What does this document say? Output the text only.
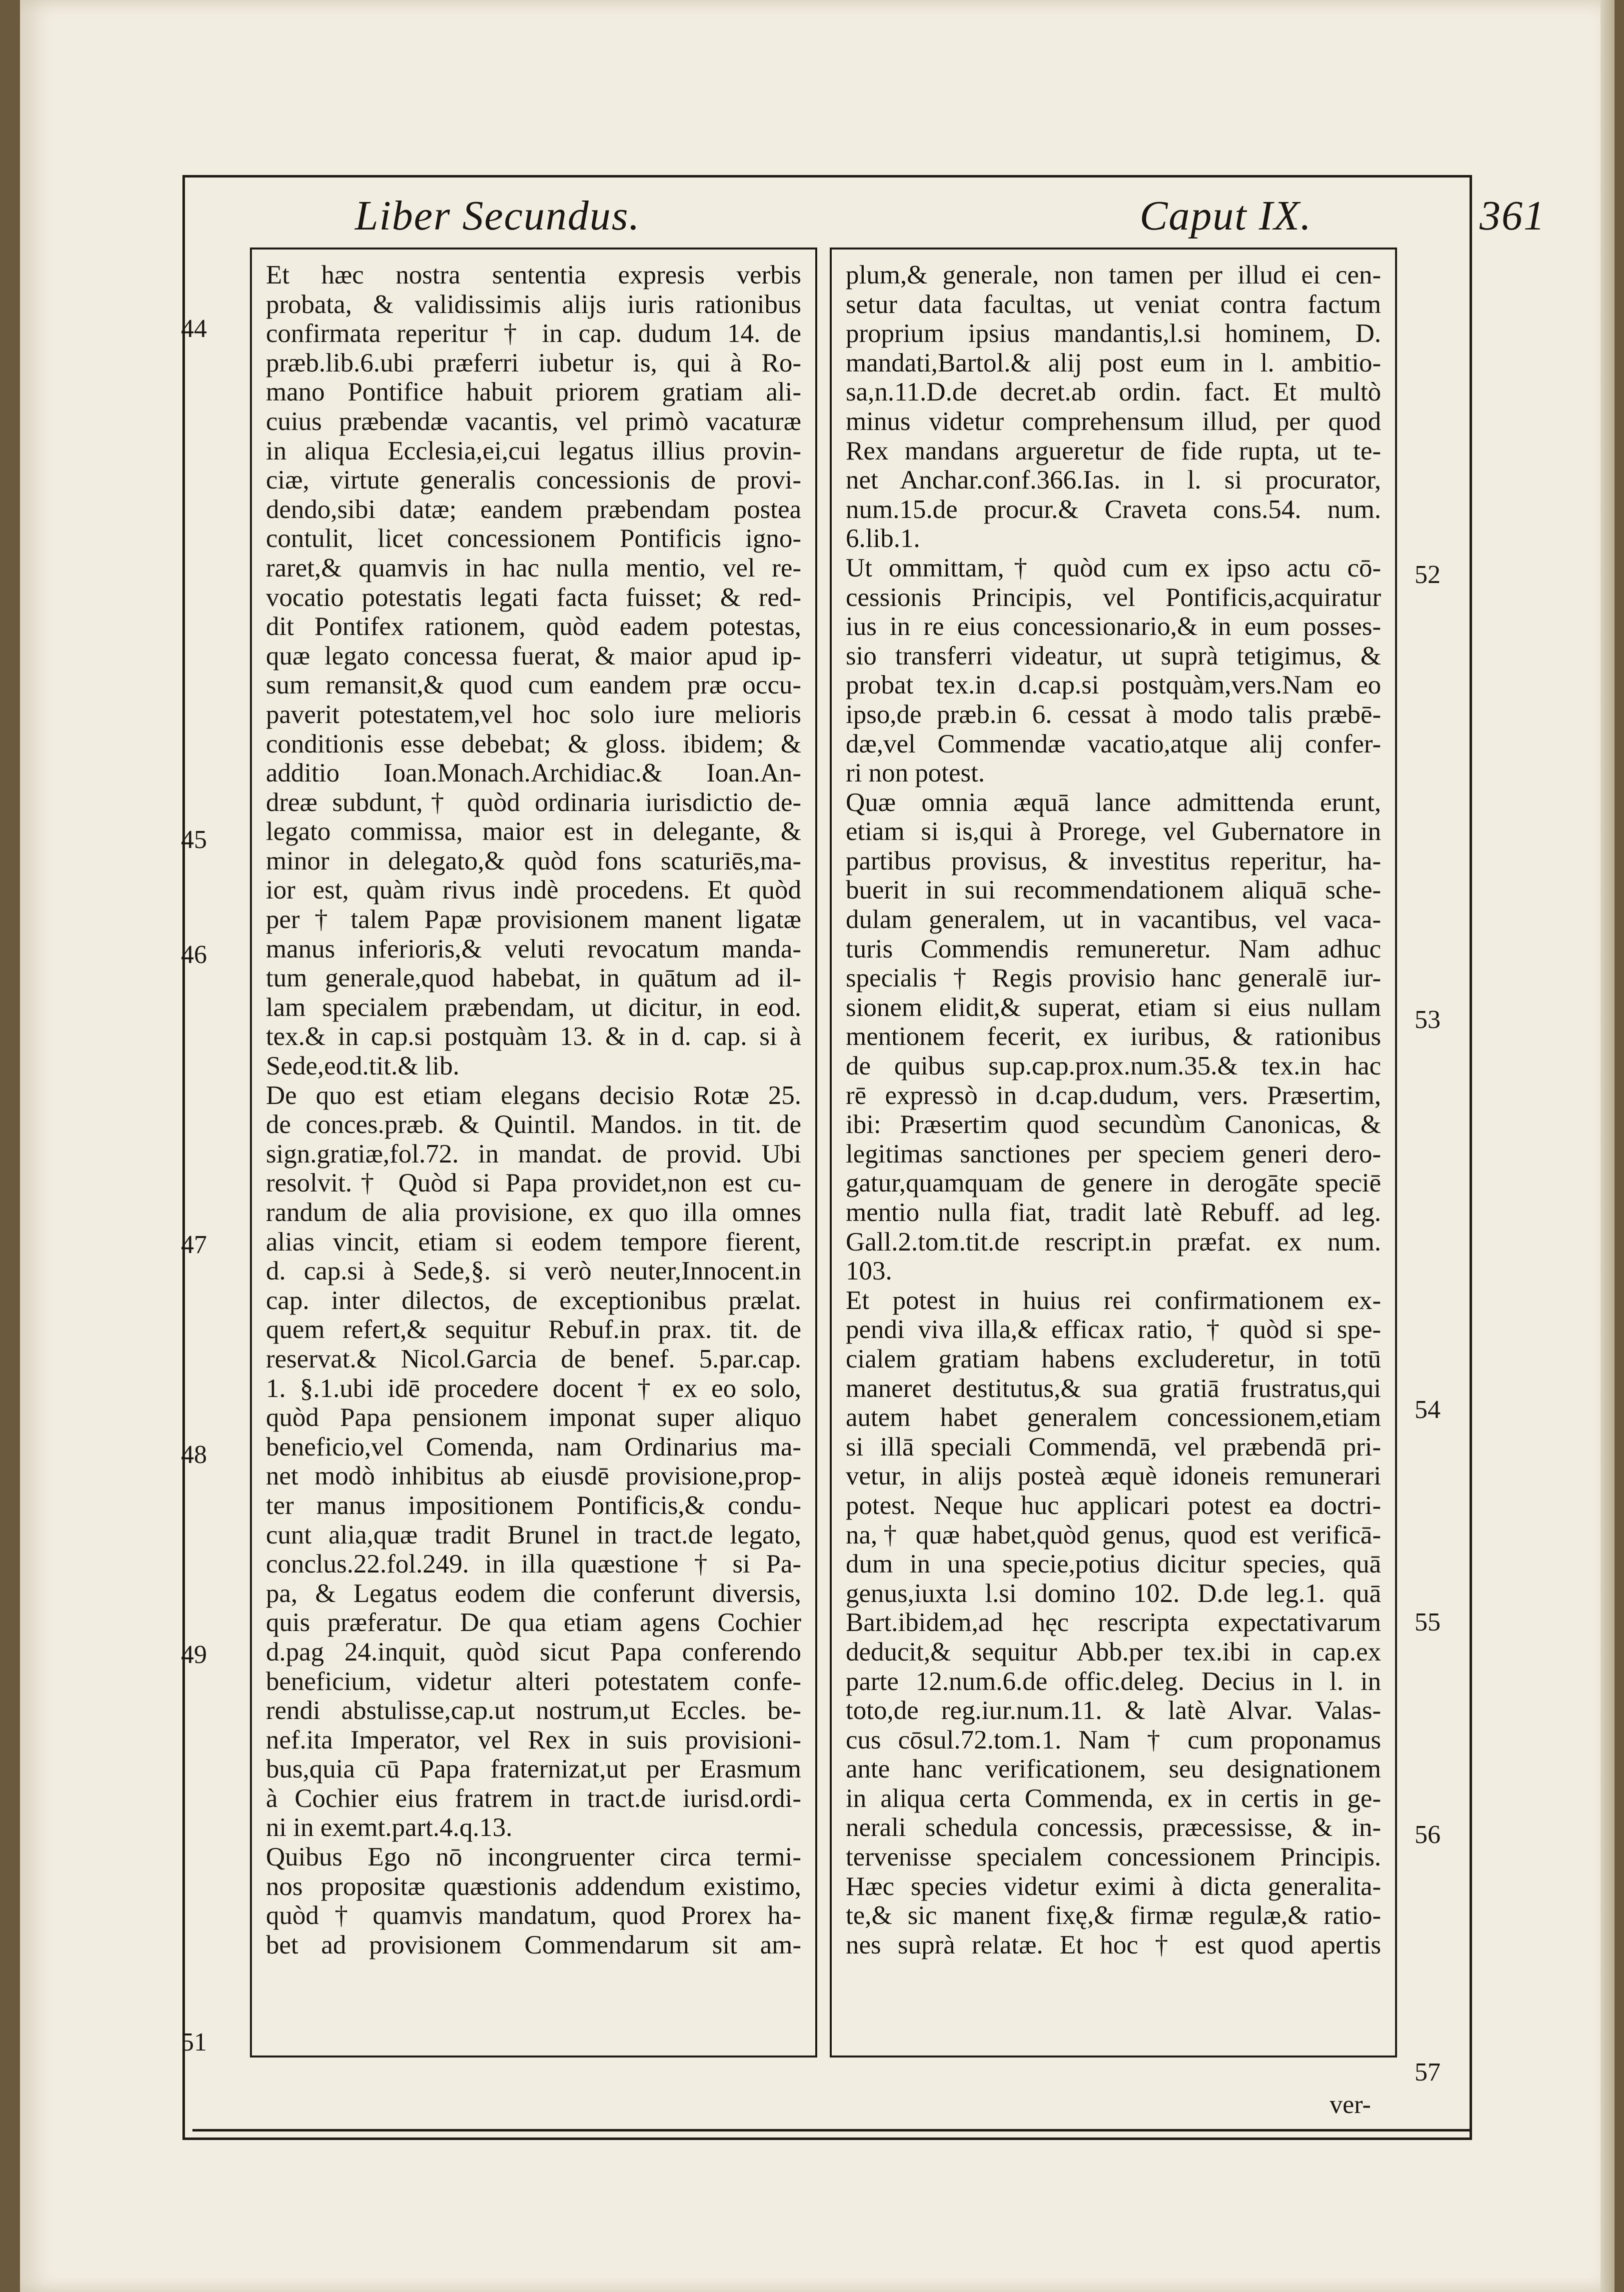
Liber Secundus.	Caput IX.	361
Et hæc nostra sententia expresis verbis
probata, & validissimis alijs iuris rationibus
confirmata reperitur † in cap. dudum 14. de
præb.lib.6.ubi præferri iubetur is, qui à Ro-
mano Pontifice habuit priorem gratiam ali-
cuius præbendæ vacantis, vel primò vacaturæ
in aliqua Ecclesia,ei,cui legatus illius provin-
ciæ, virtute generalis concessionis de provi-
dendo,sibi datæ; eandem præbendam postea
contulit, licet concessionem Pontificis igno-
raret,& quamvis in hac nulla mentio, vel re-
vocatio potestatis legati facta fuisset; & red-
dit Pontifex rationem, quòd eadem potestas,
quæ legato concessa fuerat, & maior apud ip-
sum remansit,& quod cum eandem præ occu-
paverit potestatem,vel hoc solo iure melioris
conditionis esse debebat; & gloss. ibidem; &
additio Ioan.Monach.Archidiac.& Ioan.An-
dreæ subdunt,† quòd ordinaria iurisdictio de-
legato commissa, maior est in delegante, &
minor in delegato,& quòd fons scaturiēs,ma-
ior est, quàm rivus indè procedens. Et quòd
per † talem Papæ provisionem manent ligatæ
manus inferioris,& veluti revocatum manda-
tum generale,quod habebat, in quātum ad il-
lam specialem præbendam, ut dicitur, in eod.
tex.& in cap.si postquàm 13. & in d. cap. si à
Sede,eod.tit.& lib.
De quo est etiam elegans decisio Rotæ 25.
de conces.præb. & Quintil. Mandos. in tit. de
sign.gratiæ,fol.72. in mandat. de provid. Ubi
resolvit.† Quòd si Papa providet,non est cu-
randum de alia provisione, ex quo illa omnes
alias vincit, etiam si eodem tempore fierent,
d. cap.si à Sede,§. si verò neuter,Innocent.in
cap. inter dilectos, de exceptionibus prælat.
quem refert,& sequitur Rebuf.in prax. tit. de
reservat.& Nicol.Garcia de benef. 5.par.cap.
1. §.1.ubi idē procedere docent † ex eo solo,
quòd Papa pensionem imponat super aliquo
beneficio,vel Comenda, nam Ordinarius ma-
net modò inhibitus ab eiusdē provisione,prop-
ter manus impositionem Pontificis,& condu-
cunt alia,quæ tradit Brunel in tract.de legato,
conclus.22.fol.249. in illa quæstione † si Pa-
pa, & Legatus eodem die conferunt diversis,
quis præferatur. De qua etiam agens Cochier
d.pag 24.inquit, quòd sicut Papa conferendo
beneficium, videtur alteri potestatem confe-
rendi abstulisse,cap.ut nostrum,ut Eccles. be-
nef.ita Imperator, vel Rex in suis provisioni-
bus,quia cū Papa fraternizat,ut per Erasmum
à Cochier eius fratrem in tract.de iurisd.ordi-
ni in exemt.part.4.q.13.
Quibus Ego nō incongruenter circa termi-
nos propositæ quæstionis addendum existimo,
quòd † quamvis mandatum, quod Prorex ha-
bet ad provisionem Commendarum sit am-
plum,& generale, non tamen per illud ei cen-
setur data facultas, ut veniat contra factum
proprium ipsius mandantis,l.si hominem, D.
mandati,Bartol.& alij post eum in l. ambitio-
sa,n.11.D.de decret.ab ordin. fact. Et multò
minus videtur comprehensum illud, per quod
Rex mandans argueretur de fide rupta, ut te-
net Anchar.conf.366.Ias. in l. si procurator,
num.15.de procur.& Craveta cons.54. num.
6.lib.1.
Ut ommittam,† quòd cum ex ipso actu cō-
cessionis Principis, vel Pontificis,acquiratur
ius in re eius concessionario,& in eum posses-
sio transferri videatur, ut suprà tetigimus, &
probat tex.in d.cap.si postquàm,vers.Nam eo
ipso,de præb.in 6. cessat à modo talis præbē-
dæ,vel Commendæ vacatio,atque alij confer-
ri non potest.
Quæ omnia æquā lance admittenda erunt,
etiam si is,qui à Prorege, vel Gubernatore in
partibus provisus, & investitus reperitur, ha-
buerit in sui recommendationem aliquā sche-
dulam generalem, ut in vacantibus, vel vaca-
turis Commendis remuneretur. Nam adhuc
specialis † Regis provisio hanc generalē iur-
sionem elidit,& superat, etiam si eius nullam
mentionem fecerit, ex iuribus, & rationibus
de quibus sup.cap.prox.num.35.& tex.in hac
rē expressò in d.cap.dudum, vers. Præsertim,
ibi: Præsertim quod secundùm Canonicas, &
legitimas sanctiones per speciem generi dero-
gatur,quamquam de genere in derogāte speciē
mentio nulla fiat, tradit latè Rebuff. ad leg.
Gall.2.tom.tit.de rescript.in præfat. ex num.
103.
Et potest in huius rei confirmationem ex-
pendi viva illa,& efficax ratio, † quòd si spe-
cialem gratiam habens excluderetur, in totū
maneret destitutus,& sua gratiā frustratus,qui
autem habet generalem concessionem,etiam
si illā speciali Commendā, vel præbendā pri-
vetur, in alijs posteà æquè idoneis remunerari
potest. Neque huc applicari potest ea doctri-
na,† quæ habet,quòd genus, quod est verificā-
dum in una specie,potius dicitur species, quā
genus,iuxta l.si domino 102. D.de leg.1. quā
Bart.ibidem,ad hęc rescripta expectativarum
deducit,& sequitur Abb.per tex.ibi in cap.ex
parte 12.num.6.de offic.deleg. Decius in l. in
toto,de reg.iur.num.11. & latè Alvar. Valas-
cus cōsul.72.tom.1. Nam † cum proponamus
ante hanc verificationem, seu designationem
in aliqua certa Commenda, ex in certis in ge-
nerali schedula concessis, præcessisse, & in-
tervenisse specialem concessionem Principis.
Hæc species videtur eximi à dicta generalita-
te,& sic manent fixę,& firmæ regulæ,& ratio-
nes suprà relatæ. Et hoc † est quod apertis
44
45
46
47
48
49
51
52
53
54
55
56
57
ver-
